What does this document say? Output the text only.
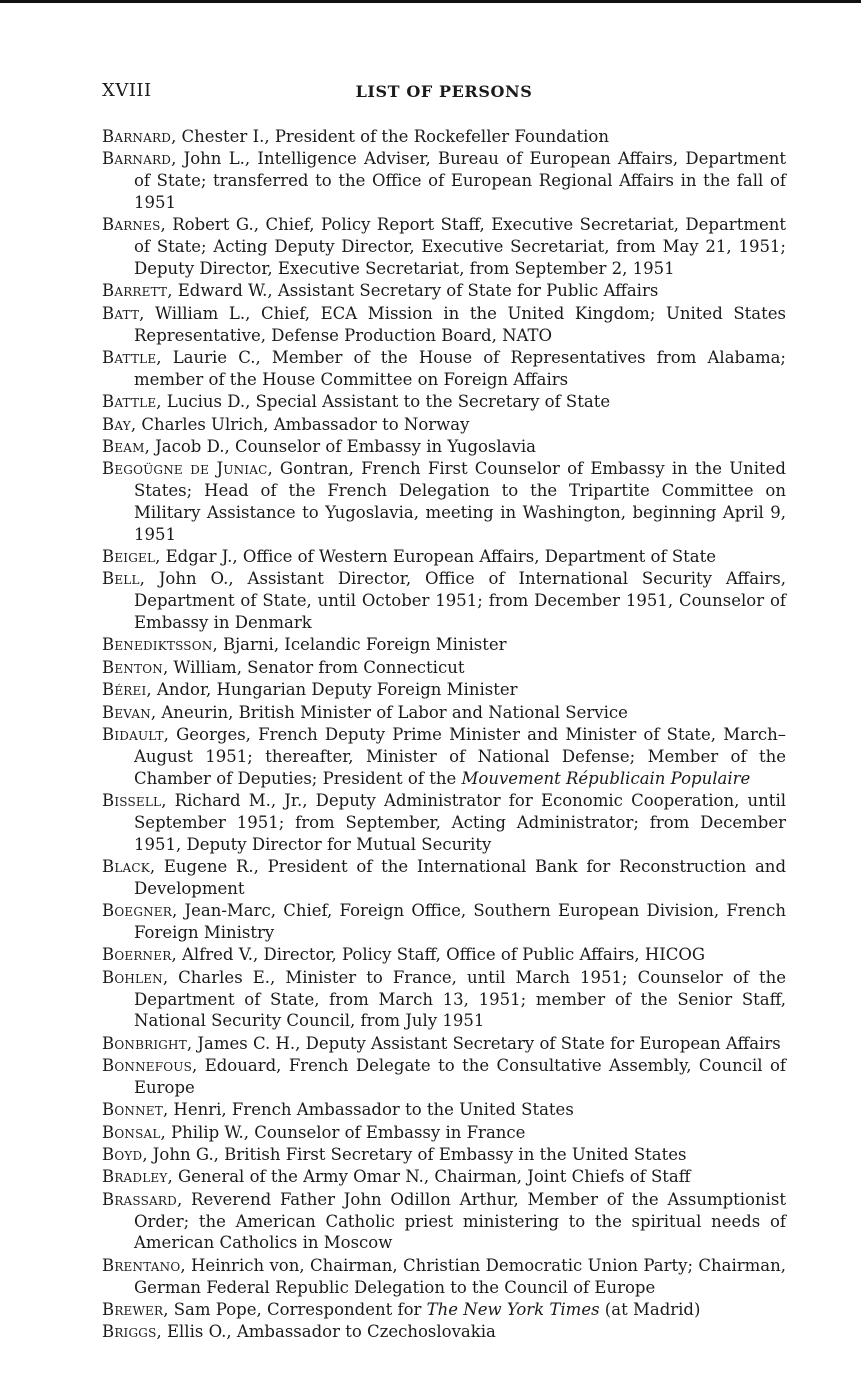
XVIII	LIST OF PERSONS

Barnard, Chester I., President of the Rockefeller Foundation

Barnard, John L., Intelligence Adviser, Bureau of European Affairs, Department of State; transferred to the Office of European Regional Affairs in the fall of 1951

Barnes, Robert G., Chief, Policy Report Staff, Executive Secretariat, Department of State; Acting Deputy Director, Executive Secretariat, from May 21, 1951; Deputy Director, Executive Secretariat, from September 2, 1951

Barrett, Edward W., Assistant Secretary of State for Public Affairs

Batt, William L., Chief, ECA Mission in the United Kingdom; United States Representative, Defense Production Board, NATO

Battle, Laurie C., Member of the House of Representatives from Alabama; member of the House Committee on Foreign Affairs

Battle, Lucius D., Special Assistant to the Secretary of State

Bay, Charles Ulrich, Ambassador to Norway

Beam, Jacob D., Counselor of Embassy in Yugoslavia

Begoügne de Juniac, Gontran, French First Counselor of Embassy in the United States; Head of the French Delegation to the Tripartite Committee on Military Assistance to Yugoslavia, meeting in Washington, beginning April 9, 1951

Beigel, Edgar J., Office of Western European Affairs, Department of State

Bell, John O., Assistant Director, Office of International Security Affairs, Department of State, until October 1951; from December 1951, Counselor of Embassy in Denmark

Benediktsson, Bjarni, Icelandic Foreign Minister

Benton, William, Senator from Connecticut

Bérei, Andor, Hungarian Deputy Foreign Minister

Bevan, Aneurin, British Minister of Labor and National Service

Bidault, Georges, French Deputy Prime Minister and Minister of State, March–August 1951; thereafter, Minister of National Defense; Member of the Chamber of Deputies; President of the Mouvement Républicain Populaire

Bissell, Richard M., Jr., Deputy Administrator for Economic Cooperation, until September 1951; from September, Acting Administrator; from December 1951, Deputy Director for Mutual Security

Black, Eugene R., President of the International Bank for Reconstruction and Development

Boegner, Jean-Marc, Chief, Foreign Office, Southern European Division, French Foreign Ministry

Boerner, Alfred V., Director, Policy Staff, Office of Public Affairs, HICOG

Bohlen, Charles E., Minister to France, until March 1951; Counselor of the Department of State, from March 13, 1951; member of the Senior Staff, National Security Council, from July 1951

Bonbright, James C. H., Deputy Assistant Secretary of State for European Affairs

Bonnefous, Edouard, French Delegate to the Consultative Assembly, Council of Europe

Bonnet, Henri, French Ambassador to the United States

Bonsal, Philip W., Counselor of Embassy in France

Boyd, John G., British First Secretary of Embassy in the United States

Bradley, General of the Army Omar N., Chairman, Joint Chiefs of Staff

Brassard, Reverend Father John Odillon Arthur, Member of the Assumptionist Order; the American Catholic priest ministering to the spiritual needs of American Catholics in Moscow

Brentano, Heinrich von, Chairman, Christian Democratic Union Party; Chairman, German Federal Republic Delegation to the Council of Europe

Brewer, Sam Pope, Correspondent for The New York Times (at Madrid)

Briggs, Ellis O., Ambassador to Czechoslovakia
